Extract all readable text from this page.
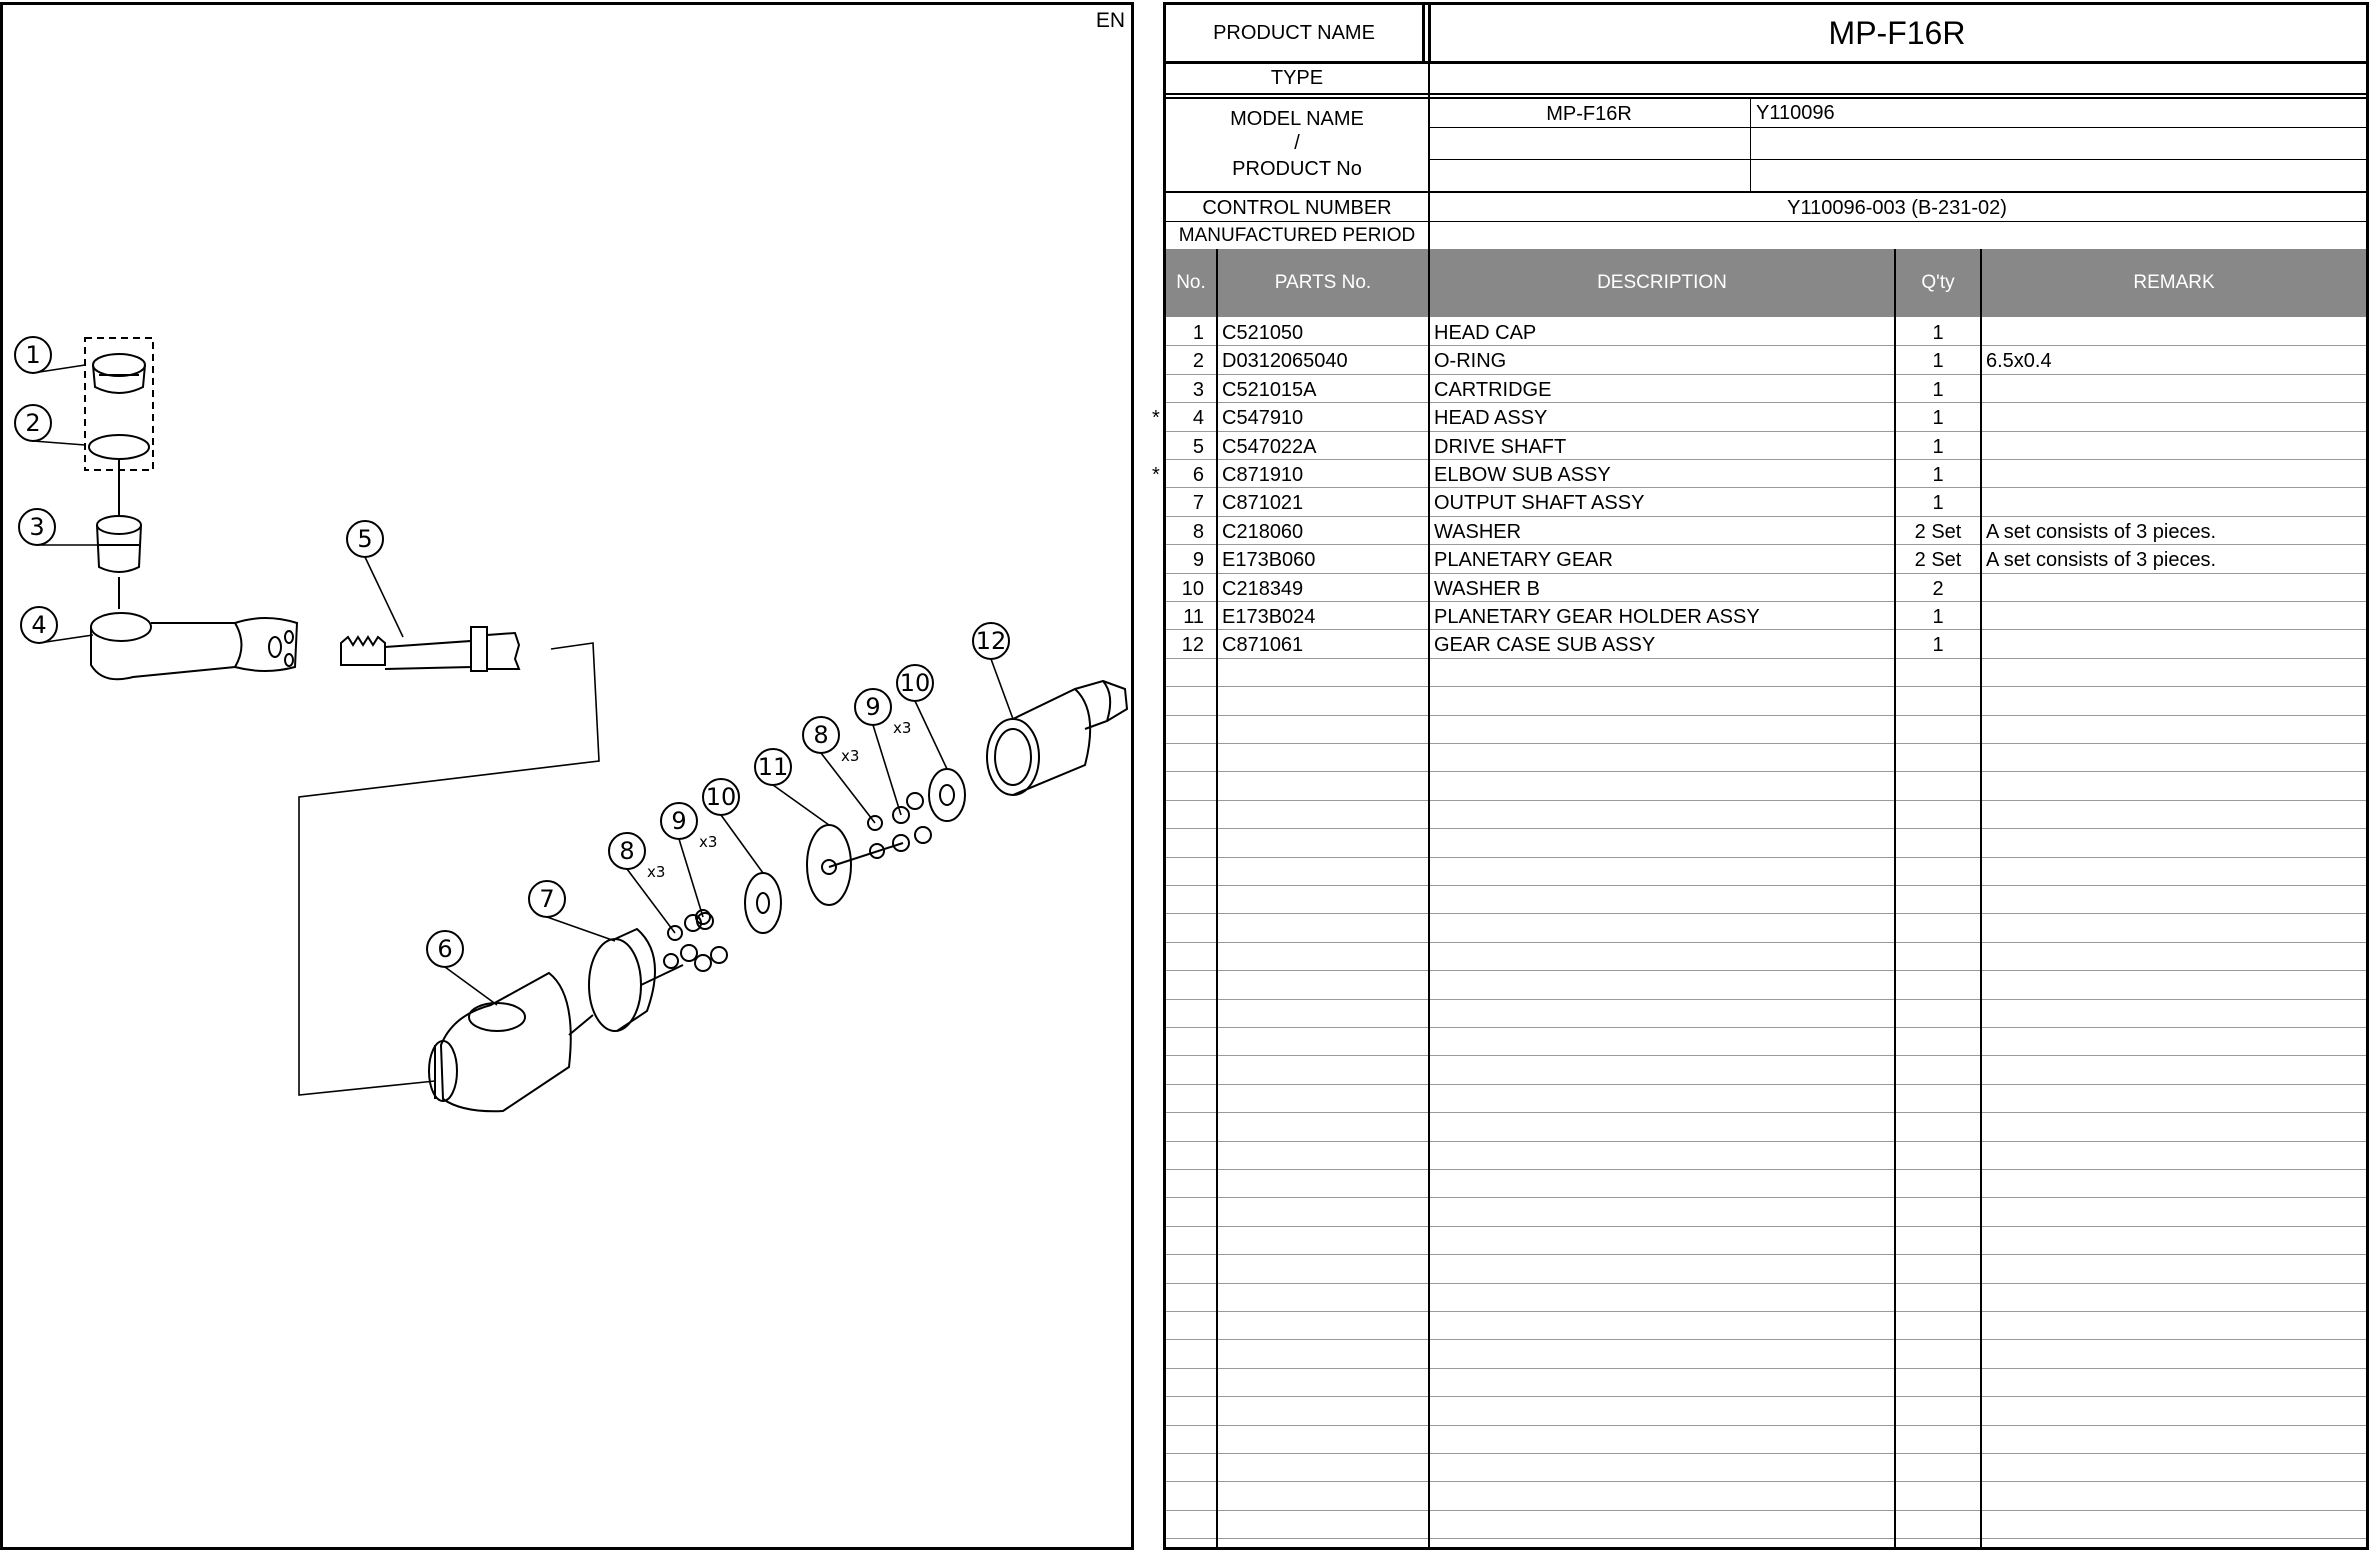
EN
1
2
3
4
5
6
7
8
x3
9
x3
10
11
8
x3
9
x3
10
12
PRODUCT NAME	MP-F16R
TYPE
MODEL NAME
/
PRODUCT No
MP-F16R	Y110096
CONTROL NUMBER	Y110096-003 (B-231-02)
MANUFACTURED PERIOD
No.	PARTS No.	DESCRIPTION	Q'ty	REMARK
1 C521050	HEAD CAP	1
2 D0312065040	O-RING	1	6.5x0.4
3 C521015A	CARTRIDGE	1
*	4 C547910	HEAD ASSY	1
5 C547022A	DRIVE SHAFT	1
*	6 C871910	ELBOW SUB ASSY	1
7 C871021	OUTPUT SHAFT ASSY	1
8 C218060	WASHER	2 Set	A set consists of 3 pieces.
9 E173B060	PLANETARY GEAR	2 Set	A set consists of 3 pieces.
10 C218349	WASHER B	2
11 E173B024	PLANETARY GEAR HOLDER ASSY	1
12 C871061	GEAR CASE SUB ASSY	1
